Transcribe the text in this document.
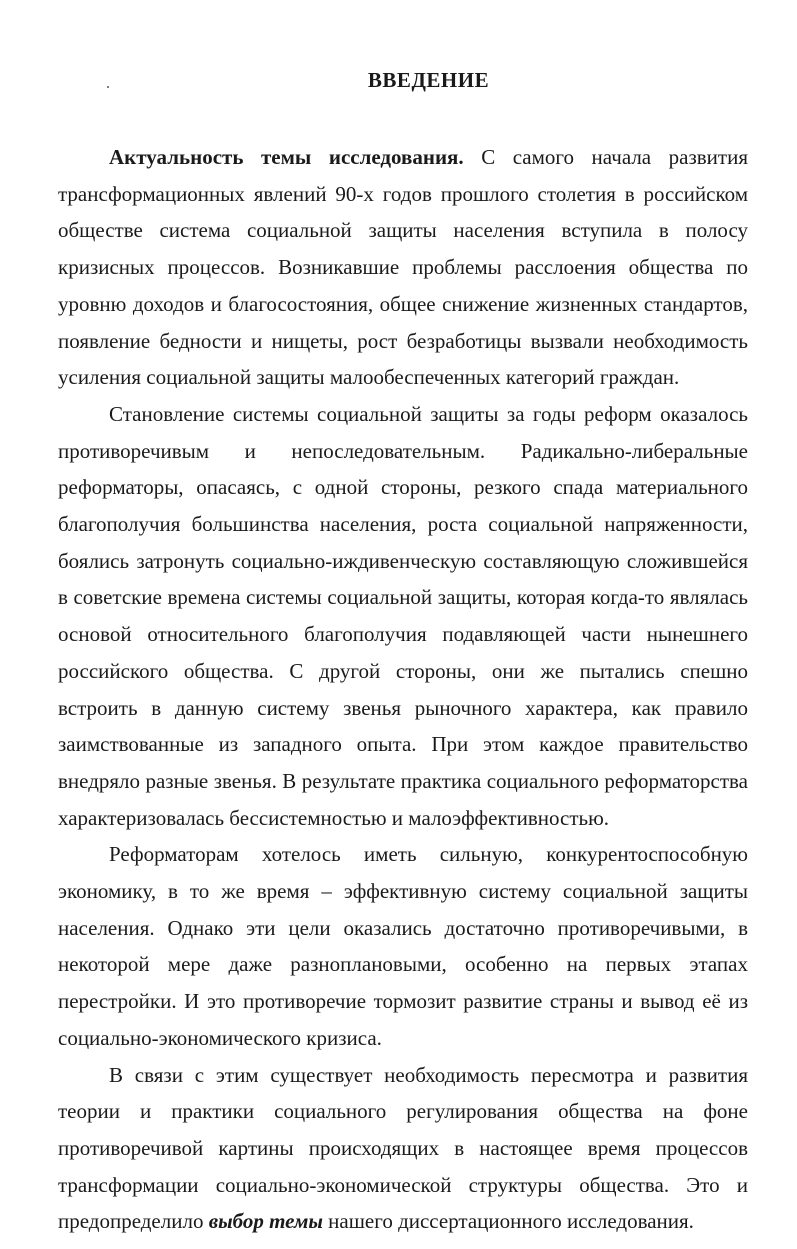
ВВЕДЕНИЕ

Актуальность темы исследования. С самого начала развития трансформационных явлений 90-х годов прошлого столетия в российском обществе система социальной защиты населения вступила в полосу кризисных процессов. Возникавшие проблемы расслоения общества по уровню доходов и благосостояния, общее снижение жизненных стандартов, появление бедности и нищеты, рост безработицы вызвали необходимость усиления социальной защиты малообеспеченных категорий граждан.

Становление системы социальной защиты за годы реформ оказалось противоречивым и непоследовательным. Радикально-либеральные реформаторы, опасаясь, с одной стороны, резкого спада материального благополучия большинства населения, роста социальной напряженности, боялись затронуть социально-иждивенческую составляющую сложившейся в советские времена системы социальной защиты, которая когда-то являлась основой относительного благополучия подавляющей части нынешнего российского общества. С другой стороны, они же пытались спешно встроить в данную систему звенья рыночного характера, как правило заимствованные из западного опыта. При этом каждое правительство внедряло разные звенья. В результате практика социального реформаторства характеризовалась бессистемностью и малоэффективностью.

Реформаторам хотелось иметь сильную, конкурентоспособную экономику, в то же время – эффективную систему социальной защиты населения. Однако эти цели оказались достаточно противоречивыми, в некоторой мере даже разноплановыми, особенно на первых этапах перестройки. И это противоречие тормозит развитие страны и вывод её из социально-экономического кризиса.

В связи с этим существует необходимость пересмотра и развития теории и практики социального регулирования общества на фоне противоречивой картины происходящих в настоящее время процессов трансформации социально-экономической структуры общества. Это и предопределило выбор темы нашего диссертационного исследования.
